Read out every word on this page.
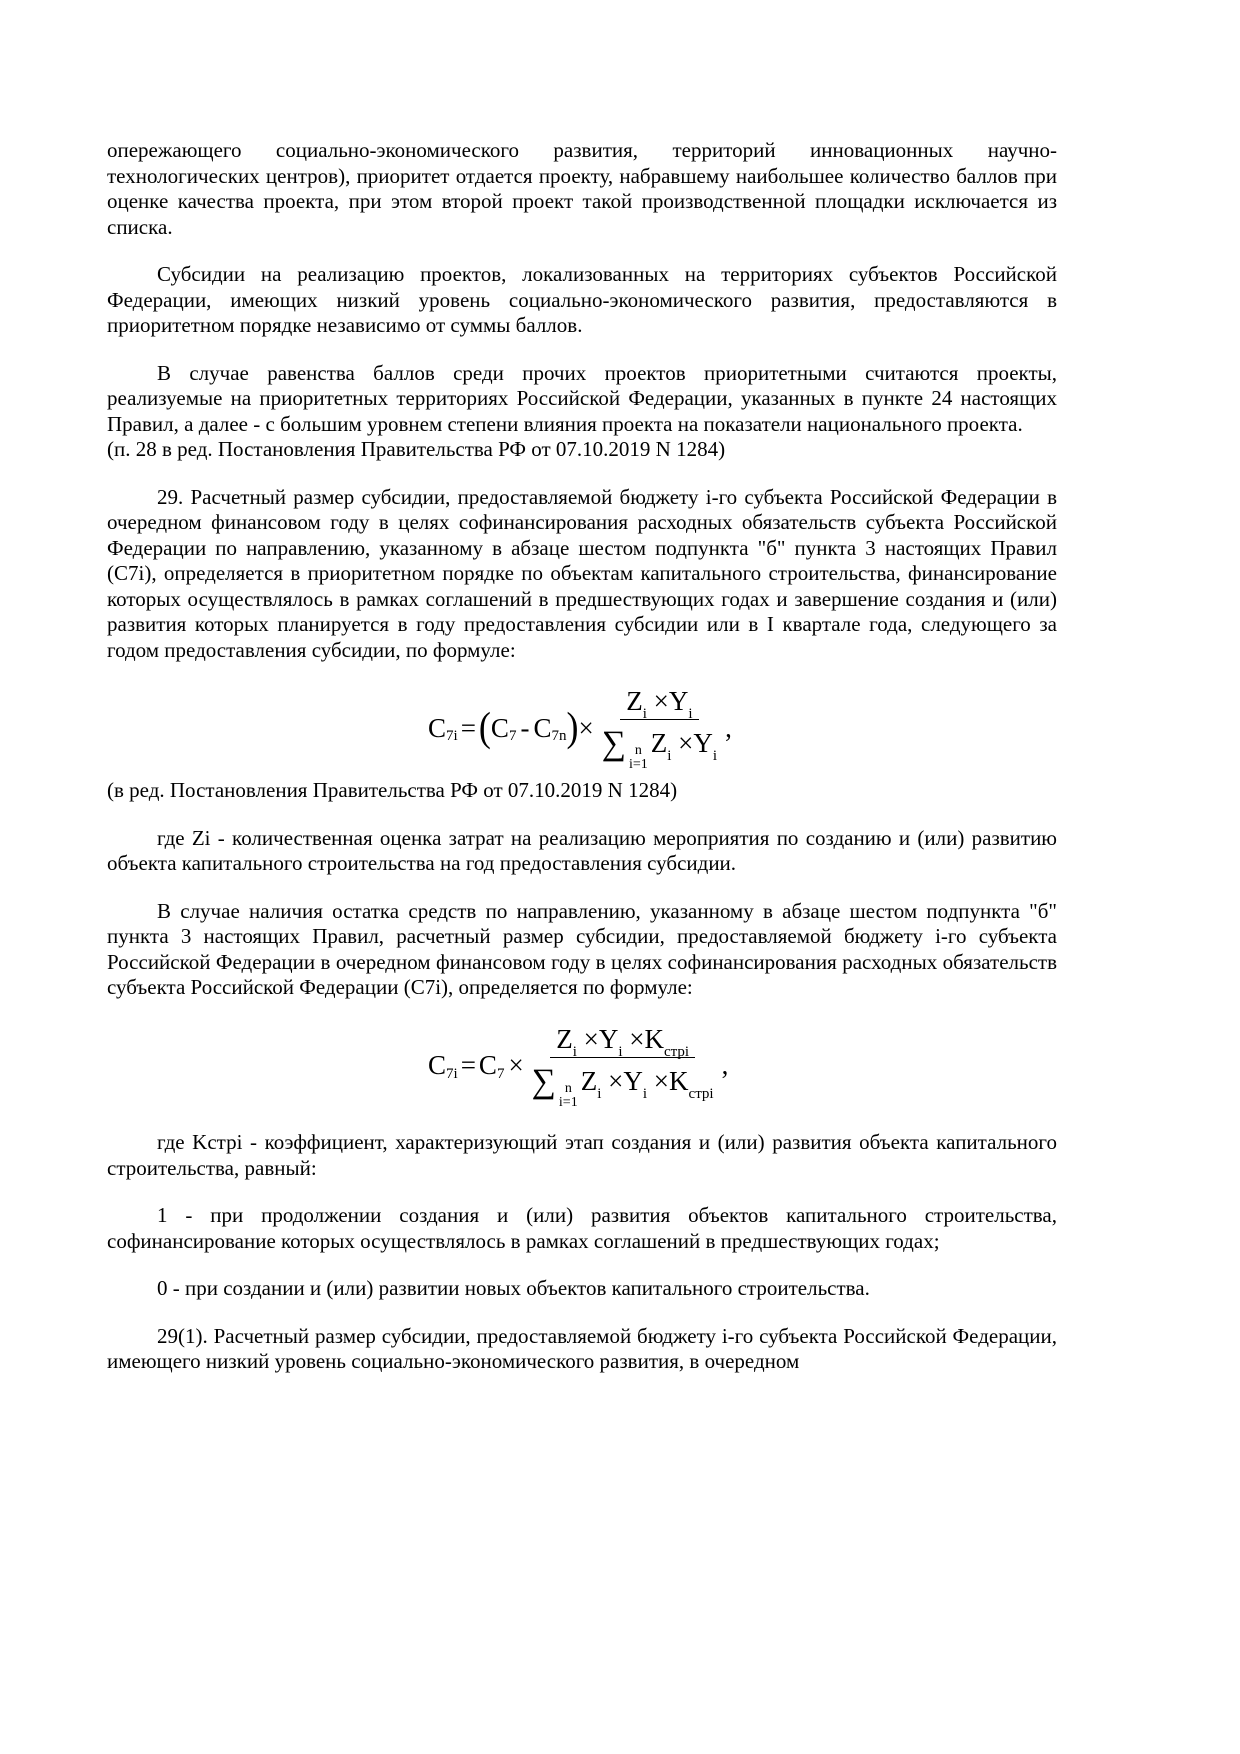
опережающего социально-экономического развития, территорий инновационных научно-технологических центров), приоритет отдается проекту, набравшему наибольшее количество баллов при оценке качества проекта, при этом второй проект такой производственной площадки исключается из списка.

Субсидии на реализацию проектов, локализованных на территориях субъектов Российской Федерации, имеющих низкий уровень социально-экономического развития, предоставляются в приоритетном порядке независимо от суммы баллов.

В случае равенства баллов среди прочих проектов приоритетными считаются проекты, реализуемые на приоритетных территориях Российской Федерации, указанных в пункте 24 настоящих Правил, а далее - с большим уровнем степени влияния проекта на показатели национального проекта.

(п. 28 в ред. Постановления Правительства РФ от 07.10.2019 N 1284)

29. Расчетный размер субсидии, предоставляемой бюджету i-го субъекта Российской Федерации в очередном финансовом году в целях софинансирования расходных обязательств субъекта Российской Федерации по направлению, указанному в абзаце шестом подпункта "б" пункта 3 настоящих Правил (C7i), определяется в приоритетном порядке по объектам капитального строительства, финансирование которых осуществлялось в рамках соглашений в предшествующих годах и завершение создания и (или) развития которых планируется в году предоставления субсидии или в I квартале года, следующего за годом предоставления субсидии, по формуле:

C 7i = ( C 7 - C 7n ) × $Z_i \times Y_i$
∑ n
i=1
$Z_i \times Y_i$ ,

(в ред. Постановления Правительства РФ от 07.10.2019 N 1284)

где Zi - количественная оценка затрат на реализацию мероприятия по созданию и (или) развитию объекта капитального строительства на год предоставления субсидии.

В случае наличия остатка средств по направлению, указанному в абзаце шестом подпункта "б" пункта 3 настоящих Правил, расчетный размер субсидии, предоставляемой бюджету i-го субъекта Российской Федерации в очередном финансовом году в целях софинансирования расходных обязательств субъекта Российской Федерации (C7i), определяется по формуле:

C 7i = C $7 \times Z_i \times Y_i \times K_{стрi}$
∑ n
i=1
$Z_i \times Y_i \times K_{стрi}$ ,

где Kстрi - коэффициент, характеризующий этап создания и (или) развития объекта капитального строительства, равный:

1 - при продолжении создания и (или) развития объектов капитального строительства, софинансирование которых осуществлялось в рамках соглашений в предшествующих годах;

0 - при создании и (или) развитии новых объектов капитального строительства.

29(1). Расчетный размер субсидии, предоставляемой бюджету i-го субъекта Российской Федерации, имеющего низкий уровень социально-экономического развития, в очередном
